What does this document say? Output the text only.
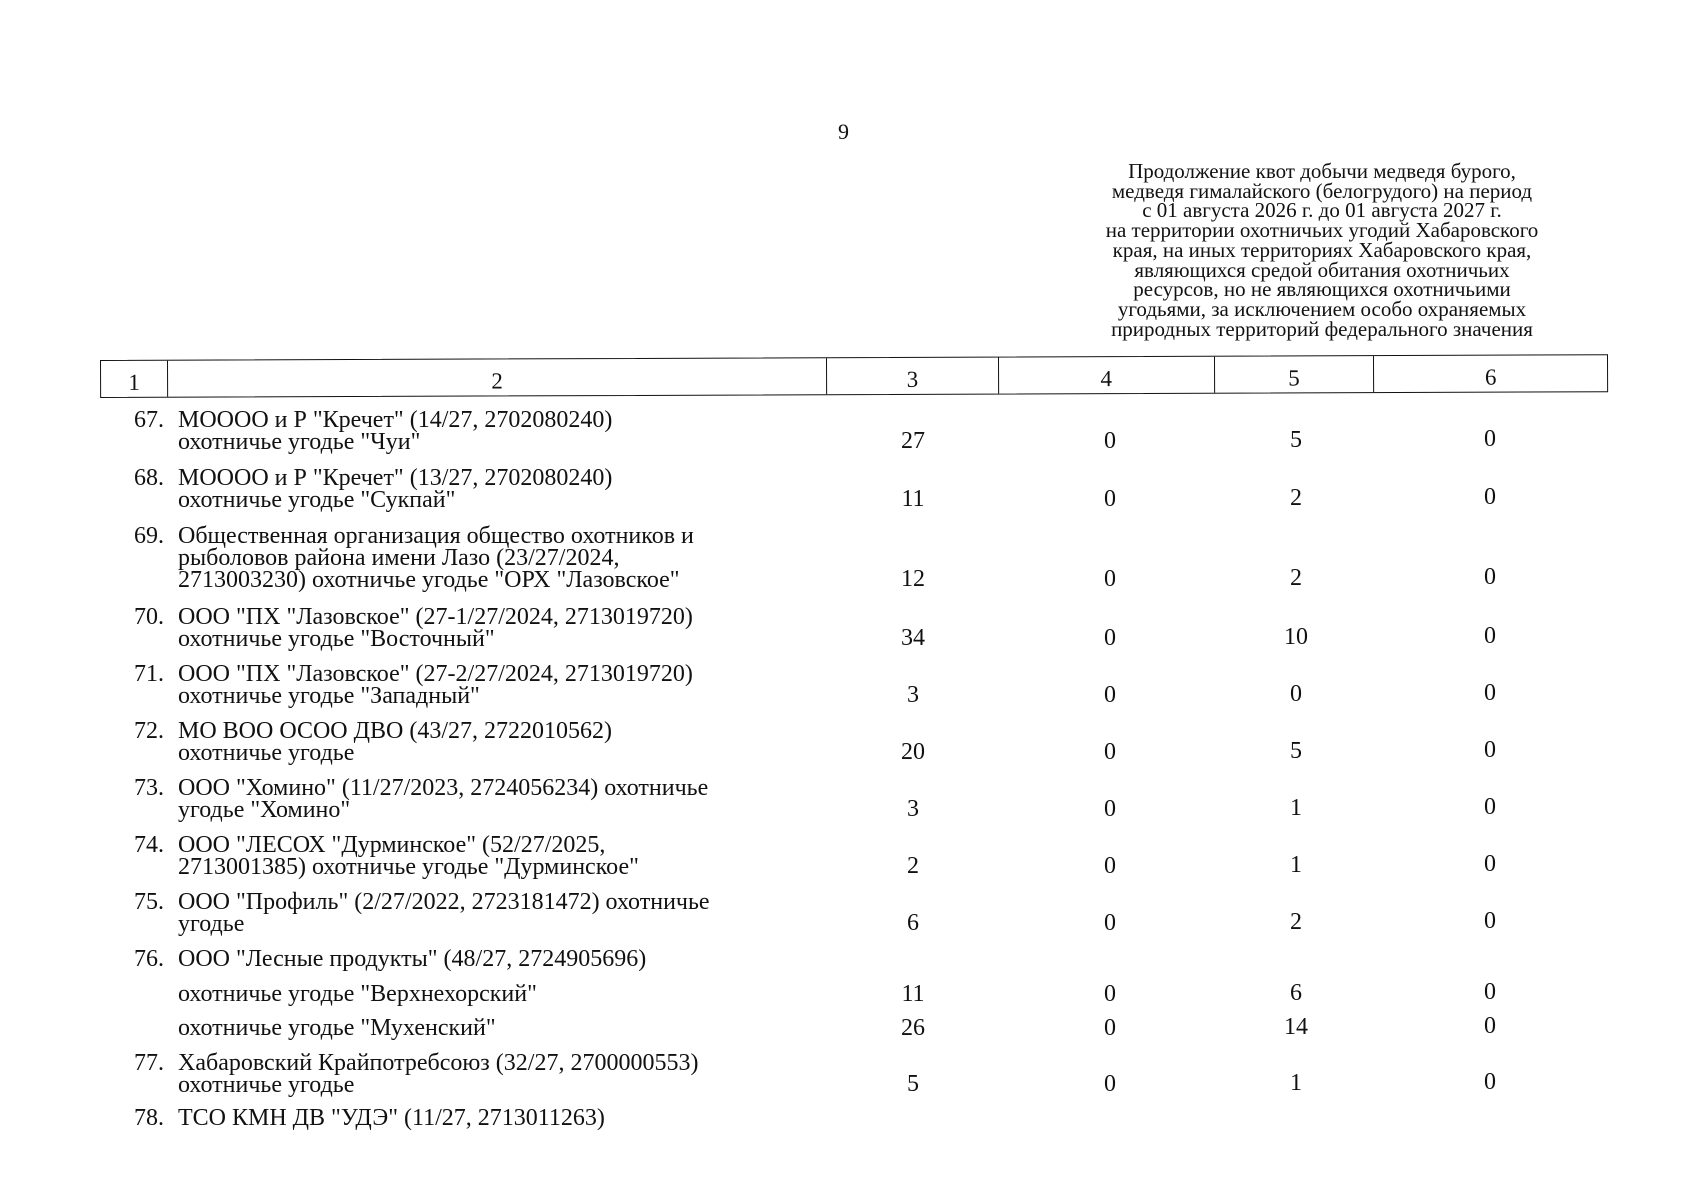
9
Продолжение квот добычи медведя бурого,
медведя гималайского (белогрудого) на период
с 01 августа 2026 г. до 01 августа 2027 г.
на территории охотничьих угодий Хабаровского
края, на иных территориях Хабаровского края,
являющихся средой обитания охотничьих
ресурсов, но не являющихся охотничьими
угодьями, за исключением особо охраняемых
природных территорий федерального значения
1	2	3	4	5	6
67. МОООО и Р "Кречет" (14/27, 2702080240)
охотничье угодье "Чуи"	27	0	5	0
68. МОООО и Р "Кречет" (13/27, 2702080240)
охотничье угодье "Сукпай"	11	0	2	0
69. Общественная организация общество охотников и
рыболовов района имени Лазо (23/27/2024,
2713003230) охотничье угодье "ОРХ "Лазовское"	12	0	2	0
70. ООО "ПХ "Лазовское" (27-1/27/2024, 2713019720)
охотничье угодье "Восточный"	34	0	10	0
71. ООО "ПХ "Лазовское" (27-2/27/2024, 2713019720)
охотничье угодье "Западный"	3	0	0	0
72. МО ВОО ОСОО ДВО (43/27, 2722010562)
охотничье угодье	20	0	5	0
73. ООО "Хомино" (11/27/2023, 2724056234) охотничье
угодье "Хомино"	3	0	1	0
74. ООО "ЛЕСОХ "Дурминское" (52/27/2025,
2713001385) охотничье угодье "Дурминское"	2	0	1	0
75. ООО "Профиль" (2/27/2022, 2723181472) охотничье
угодье	6	0	2	0
76. ООО "Лесные продукты" (48/27, 2724905696)
охотничье угодье "Верхнехорский"	11	0	6	0
охотничье угодье "Мухенский"	26	0	14	0
77. Хабаровский Крайпотребсоюз (32/27, 2700000553)
охотничье угодье	5	0	1	0
78. ТСО КМН ДВ "УДЭ" (11/27, 2713011263)
